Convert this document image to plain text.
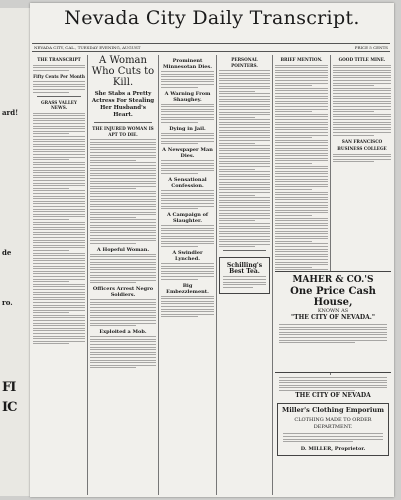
ard!
de
ro.
FI
IC
Nevada City Daily Transcript.
NEVADA CITY, CAL., TUESDAY EVENING, AUGUST	PRICE 5 CENTS
THE TRANSCRIPT
Fifty Cents Per Month
GRASS VALLEY NEWS.
A Woman Who Cuts to Kill.
She Stabs a Pretty Actress For Stealing Her Husband's Heart.
THE INJURED WOMAN IS APT TO DIE.
A Hopeful Woman.
Officers Arrest Negro Soldiers.
Exploited a Mob.
Prominent Minnesotan Dies.
A Warning From Shaughey.
Dying in Jail.
A Newspaper Man Dies.
A Sensational Confession.
A Campaign of Slaughter.
A Swindler Lynched.
Big Embezzlement.
PERSONAL POINTERS.
Schilling's Best Tea.
BRIEF MENTION.	GOOD TITLE MINE.
SAN FRANCISCO
BUSINESS COLLEGE
MAHER & CO.'S
One Price Cash House,
KNOWN AS
"THE CITY OF NEVADA."
THE CITY OF NEVADA
Miller's Clothing Emporium
CLOTHING MADE TO ORDER DEPARTMENT.
D. MILLER, Proprietor.
